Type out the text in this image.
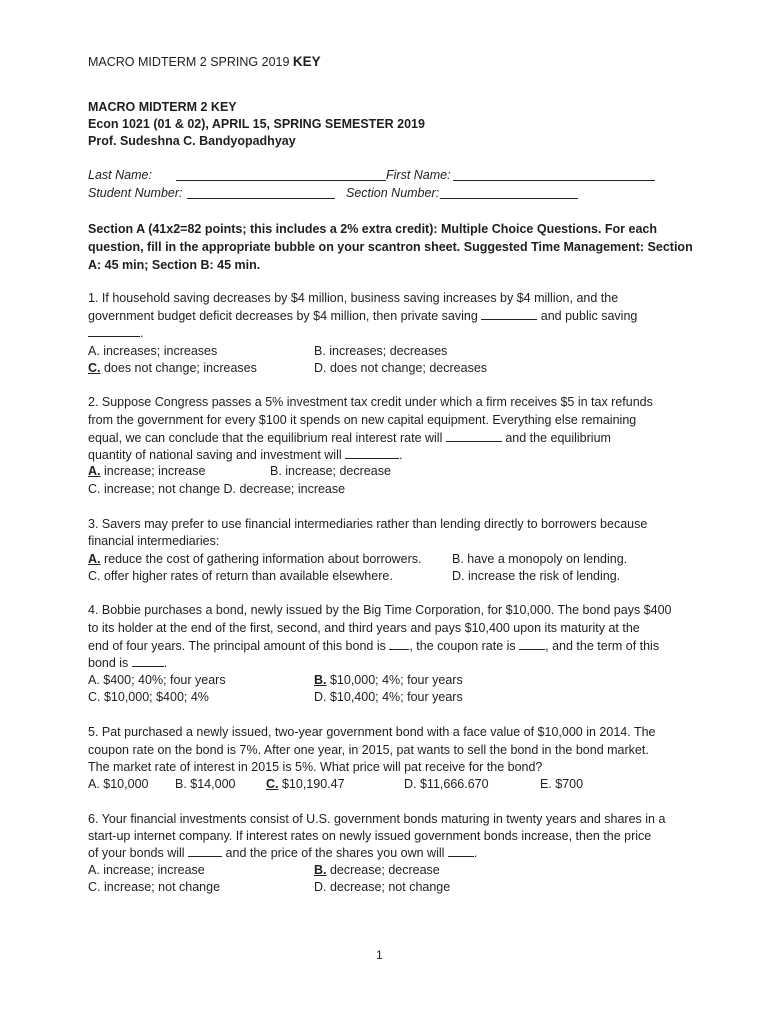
MACRO MIDTERM 2 SPRING 2019 KEY
MACRO MIDTERM 2 KEY
Econ 1021 (01 & 02), APRIL 15, SPRING SEMESTER 2019
Prof. Sudeshna C. Bandyopadhyay
Last Name:	First Name:
Student Number:	Section Number:
Section A (41x2=82 points; this includes a 2% extra credit): Multiple Choice Questions. For each
question, fill in the appropriate bubble on your scantron sheet. Suggested Time Management: Section
A: 45 min; Section B: 45 min.
1. If household saving decreases by $4 million, business saving increases by $4 million, and the
government budget deficit decreases by $4 million, then private saving	and public saving
.
A. increases; increases	B. increases; decreases
C. does not change; increases	D. does not change; decreases
2. Suppose Congress passes a 5% investment tax credit under which a firm receives $5 in tax refunds
from the government for every $100 it spends on new capital equipment. Everything else remaining
equal, we can conclude that the equilibrium real interest rate will	and the equilibrium
quantity of national saving and investment will	.
A. increase; increase	B. increase; decrease
C. increase; not change D. decrease; increase
3. Savers may prefer to use financial intermediaries rather than lending directly to borrowers because
financial intermediaries:
A. reduce the cost of gathering information about borrowers. B. have a monopoly on lending.
C. offer higher rates of return than available elsewhere.	D. increase the risk of lending.
4. Bobbie purchases a bond, newly issued by the Big Time Corporation, for $10,000. The bond pays $400
to its holder at the end of the first, second, and third years and pays $10,400 upon its maturity at the
end of four years. The principal amount of this bond is , the coupon rate is , and the term of this
bond is	.
A. $400; 40%; four years	B. $10,000; 4%; four years
C. $10,000; $400; 4%	D. $10,400; 4%; four years
5. Pat purchased a newly issued, two-year government bond with a face value of $10,000 in 2014. The
coupon rate on the bond is 7%. After one year, in 2015, pat wants to sell the bond in the bond market.
The market rate of interest in 2015 is 5%. What price will pat receive for the bond?
A. $10,000 B. $14,000 C. $10,190.47	D. $11,666.670	E. $700
6. Your financial investments consist of U.S. government bonds maturing in twenty years and shares in a
start-up internet company. If interest rates on newly issued government bonds increase, then the price
of your bonds will	and the price of the shares you own will .
A. increase; increase	B. decrease; decrease
C. increase; not change	D. decrease; not change
1
